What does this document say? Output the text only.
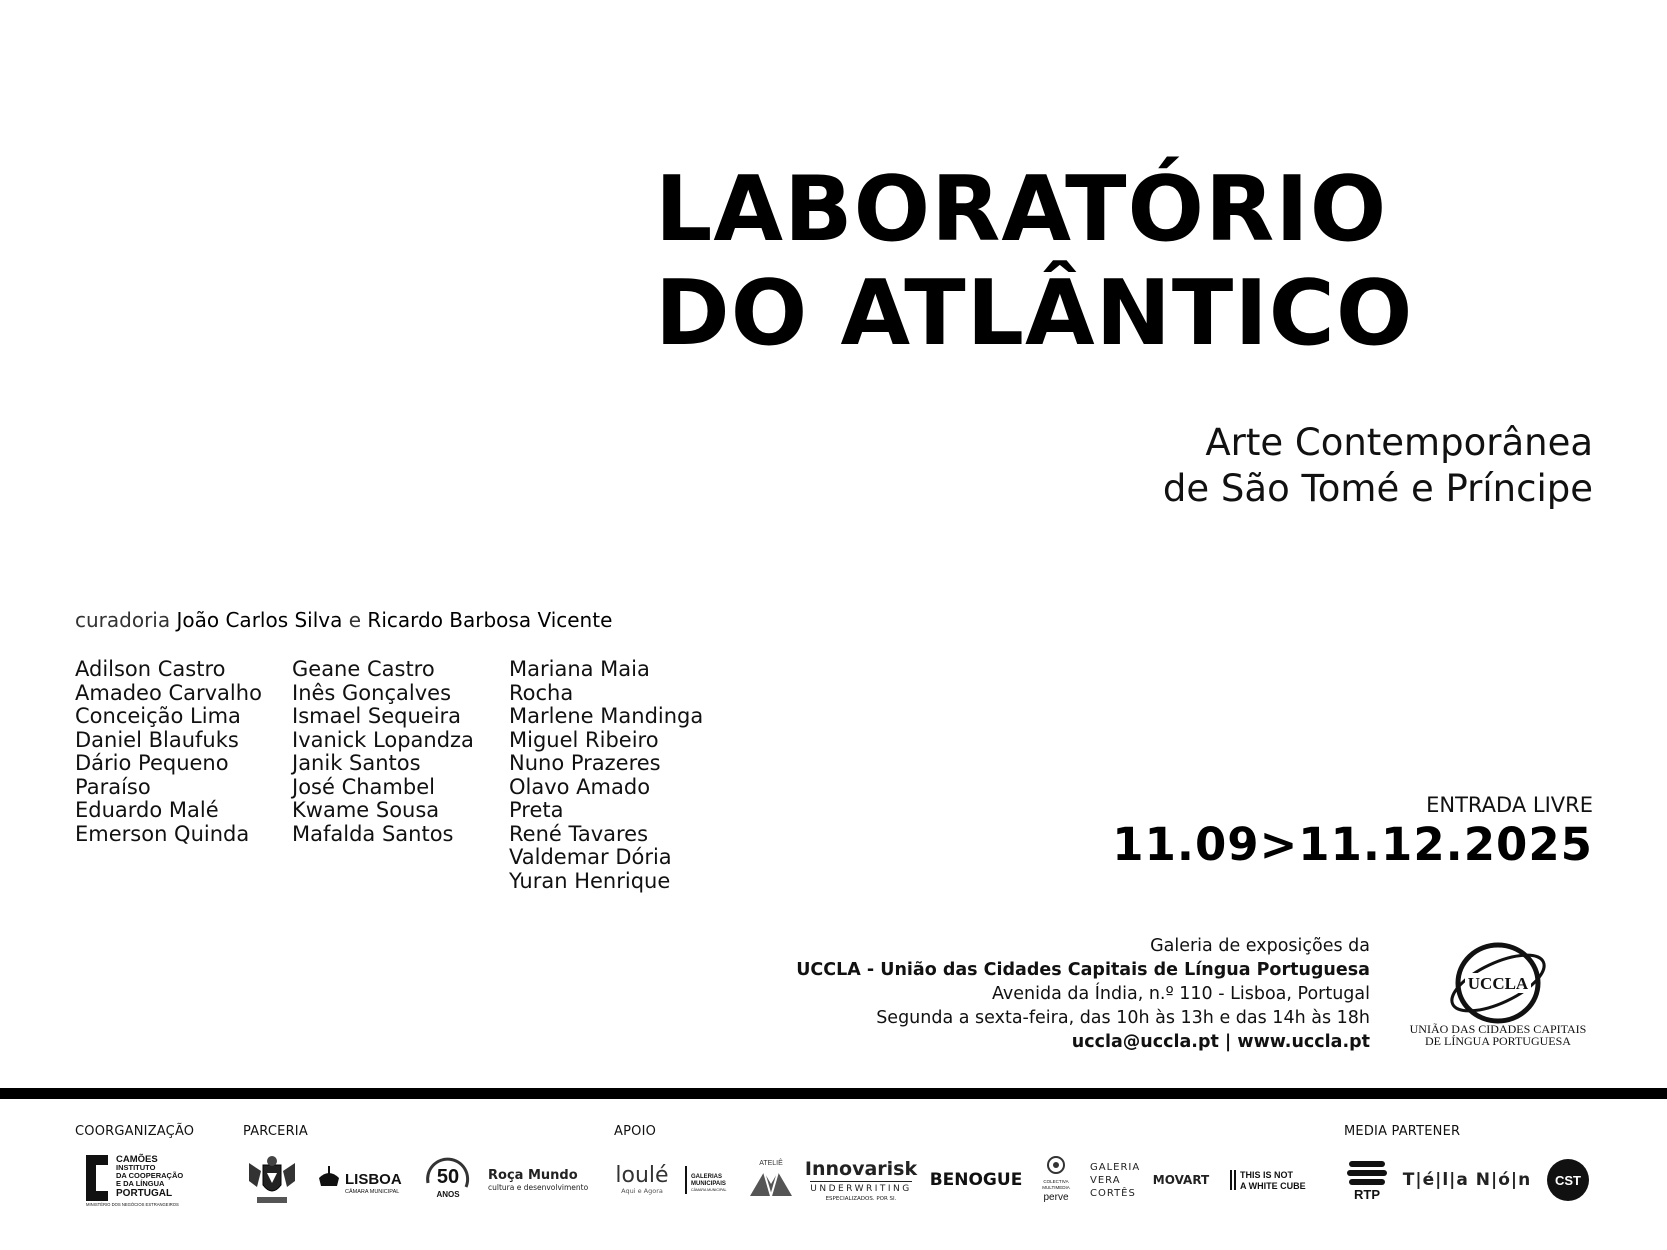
LABORATÓRIO
DO ATLÂNTICO
Arte Contemporânea
de São Tomé e Príncipe
curadoria João Carlos Silva e Ricardo Barbosa Vicente
Adilson Castro
Amadeo Carvalho
Conceição Lima
Daniel Blaufuks
Dário Pequeno
Paraíso
Eduardo Malé
Emerson Quinda
Geane Castro
Inês Gonçalves
Ismael Sequeira
Ivanick Lopandza
Janik Santos
José Chambel
Kwame Sousa
Mafalda Santos
Mariana Maia
Rocha
Marlene Mandinga
Miguel Ribeiro
Nuno Prazeres
Olavo Amado
Preta
René Tavares
Valdemar Dória
Yuran Henrique
ENTRADA LIVRE
11.09>11.12.2025
Galeria de exposições da
UCCLA - União das Cidades Capitais de Língua Portuguesa
Avenida da Índia, n.º 110 - Lisboa, Portugal
Segunda a sexta-feira, das 10h às 13h e das 14h às 18h
uccla@uccla.pt | www.uccla.pt
UCCLA
UNIÃO DAS CIDADES CAPITAIS
DE LÍNGUA PORTUGUESA
COORGANIZAÇÃO	PARCERIA	APOIO	MEDIA PARTENER
CAMÕES
INSTITUTO
DA COOPERAÇÃO
E DA LÍNGUA
PORTUGAL
MINISTÉRIO DOS NEGÓCIOS ESTRANGEIROS
LISBOA
CÂMARA MUNICIPAL
50
ANOS
Roça Mundo
cultura e desenvolvimento loulé
Aqui e Agora
GALERIAS
MUNICIPAIS
CÂMARA MUNICIPAL
ATELIÊ Innovarisk
UNDERWRITING
ESPECIALIZADOS. POR SI.
BENOGUE	COLECTIVA
MULTIMEDIA
perve
GALERIA
VERA
CORTÊS
MOVART	THIS IS NOT
A WHITE CUBE
RTP
T|é|l|a N|ó|n CST
